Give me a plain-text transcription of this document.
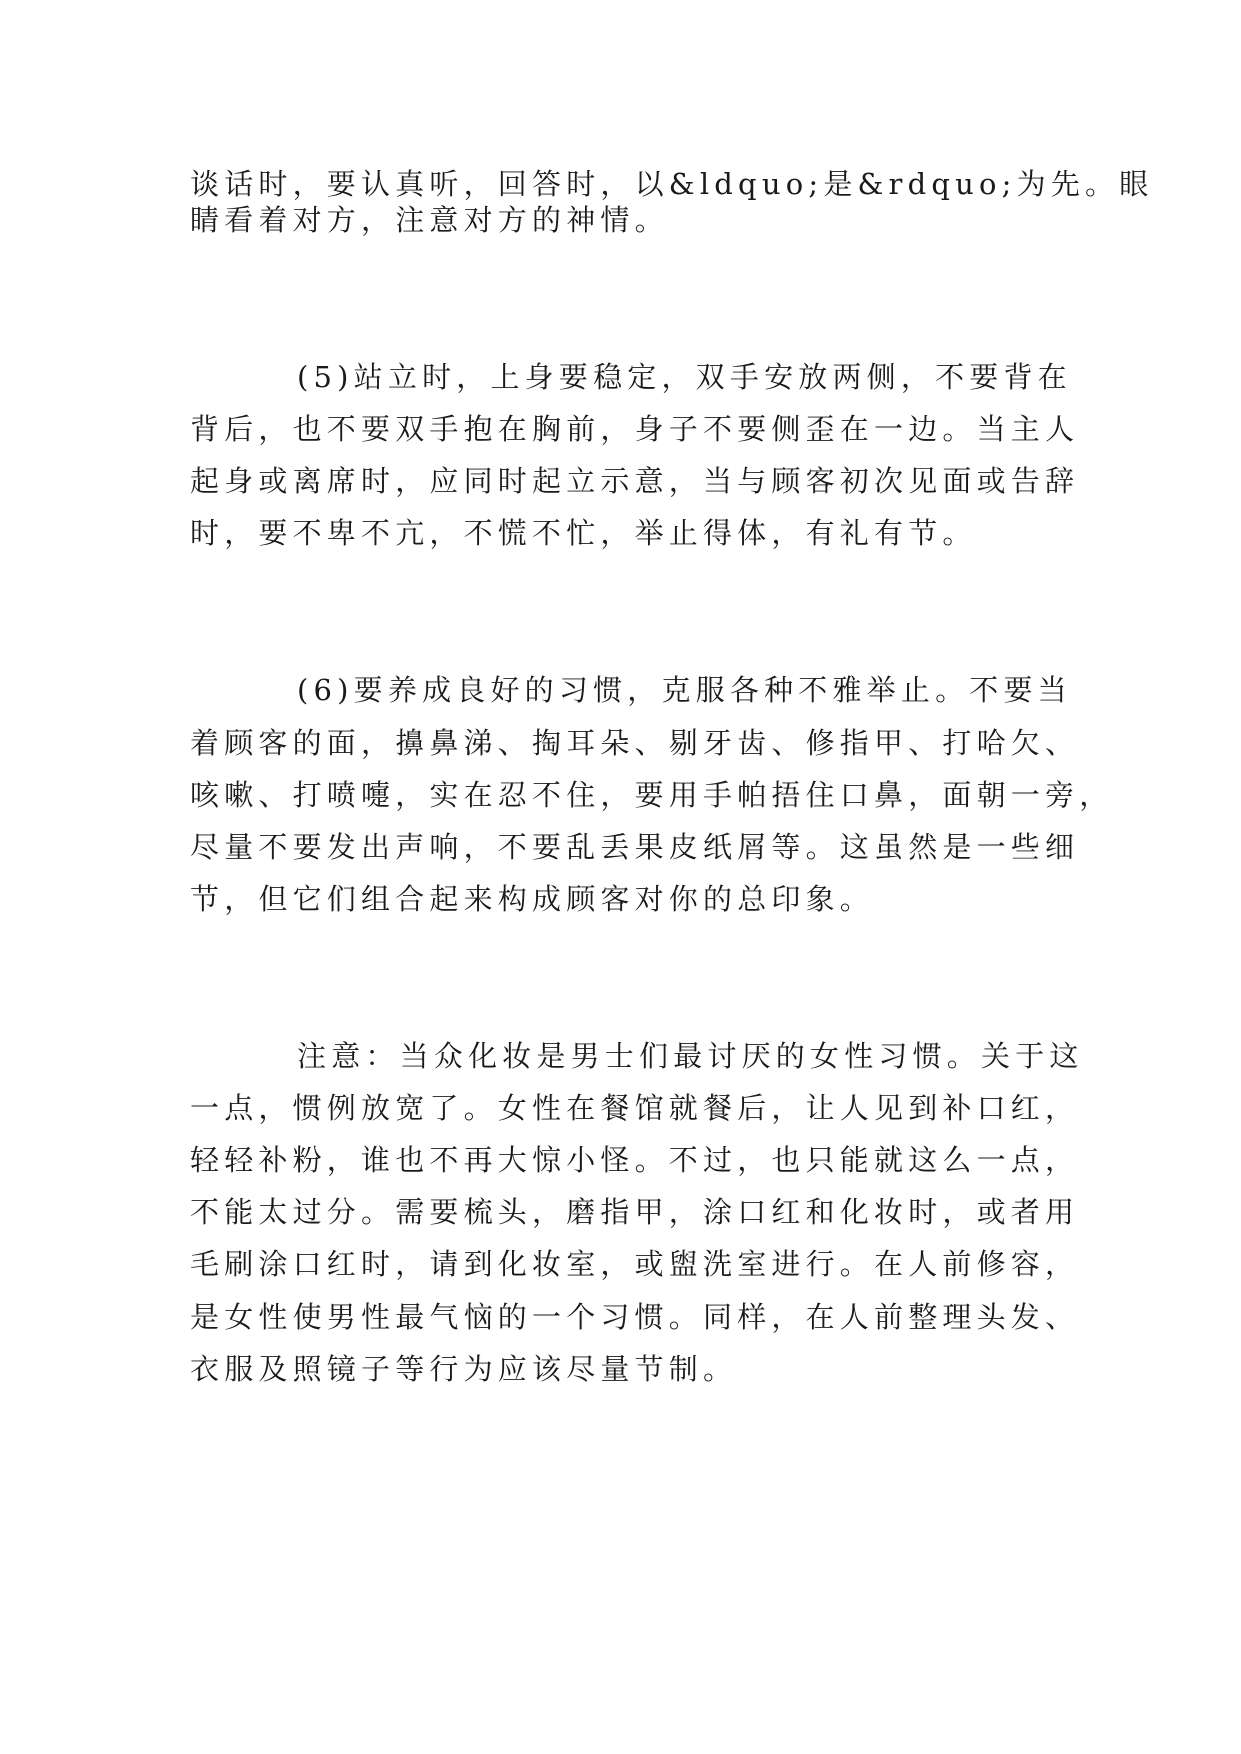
谈话时，要认真听，回答时，以&ldquo;是&rdquo;为先。眼

睛看着对方，注意对方的神情。

(5)站立时，上身要稳定，双手安放两侧，不要背在

背后，也不要双手抱在胸前，身子不要侧歪在一边。当主人

起身或离席时，应同时起立示意，当与顾客初次见面或告辞

时，要不卑不亢，不慌不忙，举止得体，有礼有节。

(6)要养成良好的习惯，克服各种不雅举止。不要当

着顾客的面，擤鼻涕、掏耳朵、剔牙齿、修指甲、打哈欠、

咳嗽、打喷嚏，实在忍不住，要用手帕捂住口鼻，面朝一旁，

尽量不要发出声响，不要乱丢果皮纸屑等。这虽然是一些细

节，但它们组合起来构成顾客对你的总印象。

注意：当众化妆是男士们最讨厌的女性习惯。关于这

一点，惯例放宽了。女性在餐馆就餐后，让人见到补口红，

轻轻补粉，谁也不再大惊小怪。不过，也只能就这么一点，

不能太过分。需要梳头，磨指甲，涂口红和化妆时，或者用

毛刷涂口红时，请到化妆室，或盥洗室进行。在人前修容，

是女性使男性最气恼的一个习惯。同样，在人前整理头发、

衣服及照镜子等行为应该尽量节制。
